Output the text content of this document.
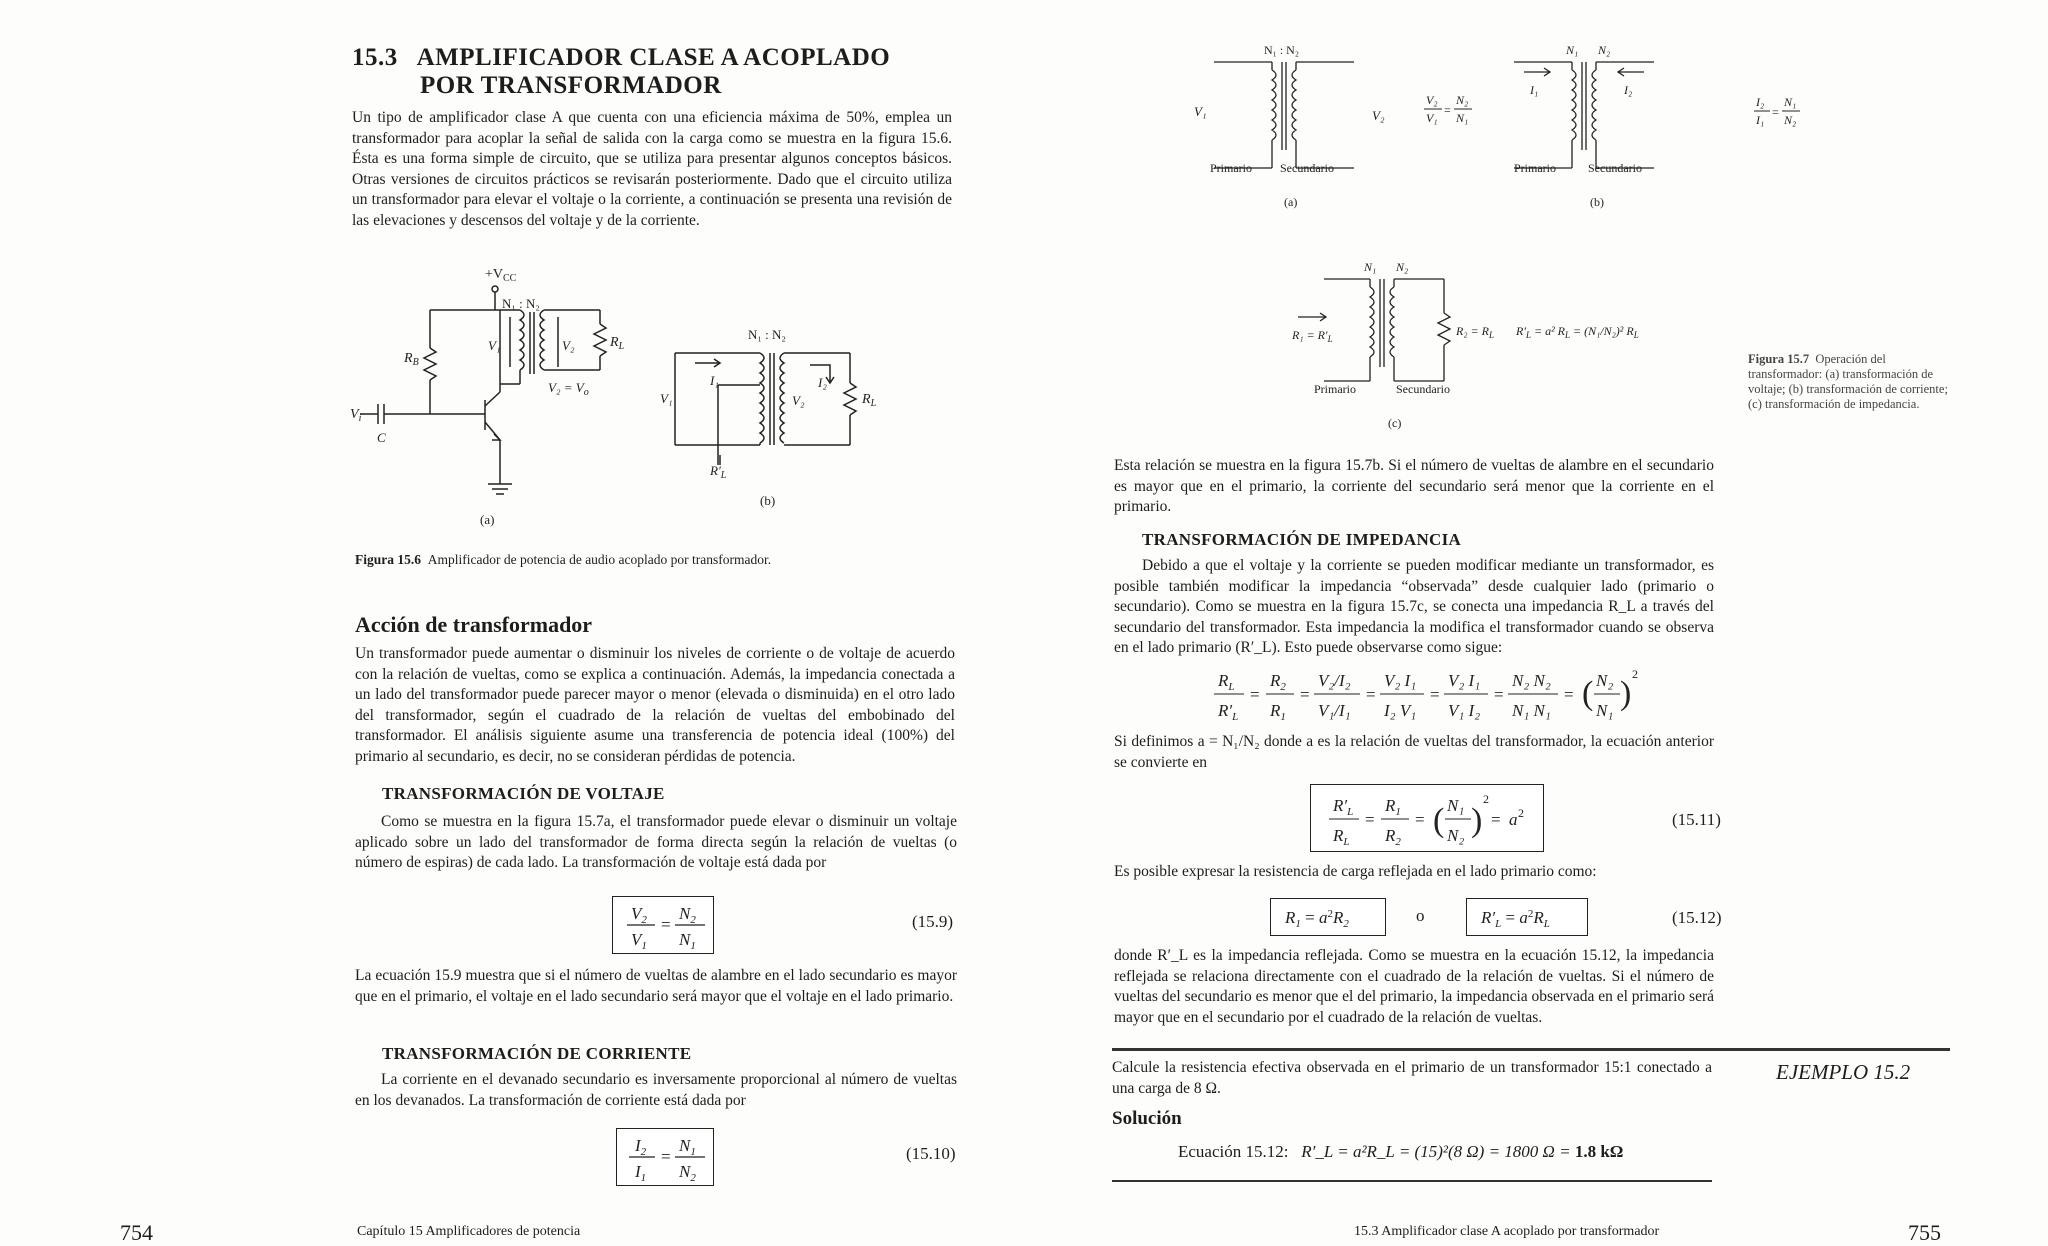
15.3 AMPLIFICADOR CLASE A ACOPLADO
POR TRANSFORMADOR
Un tipo de amplificador clase A que cuenta con una eficiencia máxima de 50%, emplea un transformador para acoplar la señal de salida con la carga como se muestra en la figura 15.6. Ésta es una forma simple de circuito, que se utiliza para presentar algunos conceptos básicos. Otras versiones de circuitos prácticos se revisarán posteriormente. Dado que el circuito utiliza un transformador para elevar el voltaje o la corriente, a continuación se presenta una revisión de las elevaciones y descensos del voltaje y de la corriente.
$+V_{CC}$
N₁ : N₂
$R_B$
$V_i$
C
V₁	V₂	$R_L$
$V_2 = V_o$
(a)
N₁ : N₂
I₁	I₂
V₁	V₂	$R_L$
$R'_L$
(b)
Figura 15.6 Amplificador de potencia de audio acoplado por transformador.
Acción de transformador
Un transformador puede aumentar o disminuir los niveles de corriente o de voltaje de acuerdo con la relación de vueltas, como se explica a continuación. Además, la impedancia conectada a un lado del transformador puede parecer mayor o menor (elevada o disminuida) en el otro lado del transformador, según el cuadrado de la relación de vueltas del embobinado del transformador. El análisis siguiente asume una transferencia de potencia ideal (100%) del primario al secundario, es decir, no se consideran pérdidas de potencia.
TRANSFORMACIÓN DE VOLTAJE
Como se muestra en la figura 15.7a, el transformador puede elevar o disminuir un voltaje aplicado sobre un lado del transformador de forma directa según la relación de vueltas (o número de espiras) de cada lado. La transformación de voltaje está dada por
$V_2$
$V_1$
=
$N_2$
$N_1$
(15.9)
La ecuación 15.9 muestra que si el número de vueltas de alambre en el lado secundario es mayor que en el primario, el voltaje en el lado secundario será mayor que el voltaje en el lado primario.
TRANSFORMACIÓN DE CORRIENTE
La corriente en el devanado secundario es inversamente proporcional al número de vueltas en los devanados. La transformación de corriente está dada por
$I_2$
$I_1$
=
$N_1$
$N_2$
(15.10)
754	Capítulo 15 Amplificadores de potencia
N₁ : N₂
V₁	V₂
Primario Secundario
(a)
V₂
V₁
=
N₂
N₁
N₁ N₂
I₁	I₂
Primario	Secundario
(b)
I₂
I₁
=
N₁
N₂
N₁ N₂
$R_1 = R'_L$
$R_2 = R_L$ $R'_L = a^2$ $R_L = (N_1/N_2)^2$ $R_L$
Primario	Secundario
(c)
Figura 15.7 Operación del transformador: (a) transformación de voltaje; (b) transformación de corriente; (c) transformación de impedancia.
Esta relación se muestra en la figura 15.7b. Si el número de vueltas de alambre en el secundario es mayor que en el primario, la corriente del secundario será menor que la corriente en el primario.
TRANSFORMACIÓN DE IMPEDANCIA
Debido a que el voltaje y la corriente se pueden modificar mediante un transformador, es posible también modificar la impedancia “observada” desde cualquier lado (primario o secundario). Como se muestra en la figura 15.7c, se conecta una impedancia R_L a través del secundario del transformador. Esta impedancia la modifica el transformador cuando se observa en el lado primario (R′_L). Esto puede observarse como sigue:
$R_L$
$R'_L$
=
$R_2$
$R_1$
=
V₂/I₂
V₁/I₁
=
V₂ I₁
I₂ V₁
=
V₂ I₁
V₁ I₂
=
N₂ N₂
N₁ N₁
= ( N₂
N₁ )
2
Si definimos a = N₁/N₂ donde a es la relación de vueltas del transformador, la ecuación anterior se convierte en
$R'_L$
$R_L$
=
$R_1$
$R_2$
= ( N₁
N₂ )
2
= a 2	(15.11)
Es posible expresar la resistencia de carga reflejada en el lado primario como:
$R_1 = a^2R_2$	o	$R'_L = a^2R_L$	(15.12)
donde R′_L es la impedancia reflejada. Como se muestra en la ecuación 15.12, la impedancia reflejada se relaciona directamente con el cuadrado de la relación de vueltas. Si el número de vueltas del secundario es menor que el del primario, la impedancia observada en el primario será mayor que en el secundario por el cuadrado de la relación de vueltas.
Calcule la resistencia efectiva observada en el primario de un transformador 15:1 conectado a una carga de 8 Ω.
EJEMPLO 15.2
Solución
Ecuación 15.12: R′_L = a²R_L = (15)²(8 Ω) = 1800 Ω = 1.8 kΩ
15.3 Amplificador clase A acoplado por transformador	755
